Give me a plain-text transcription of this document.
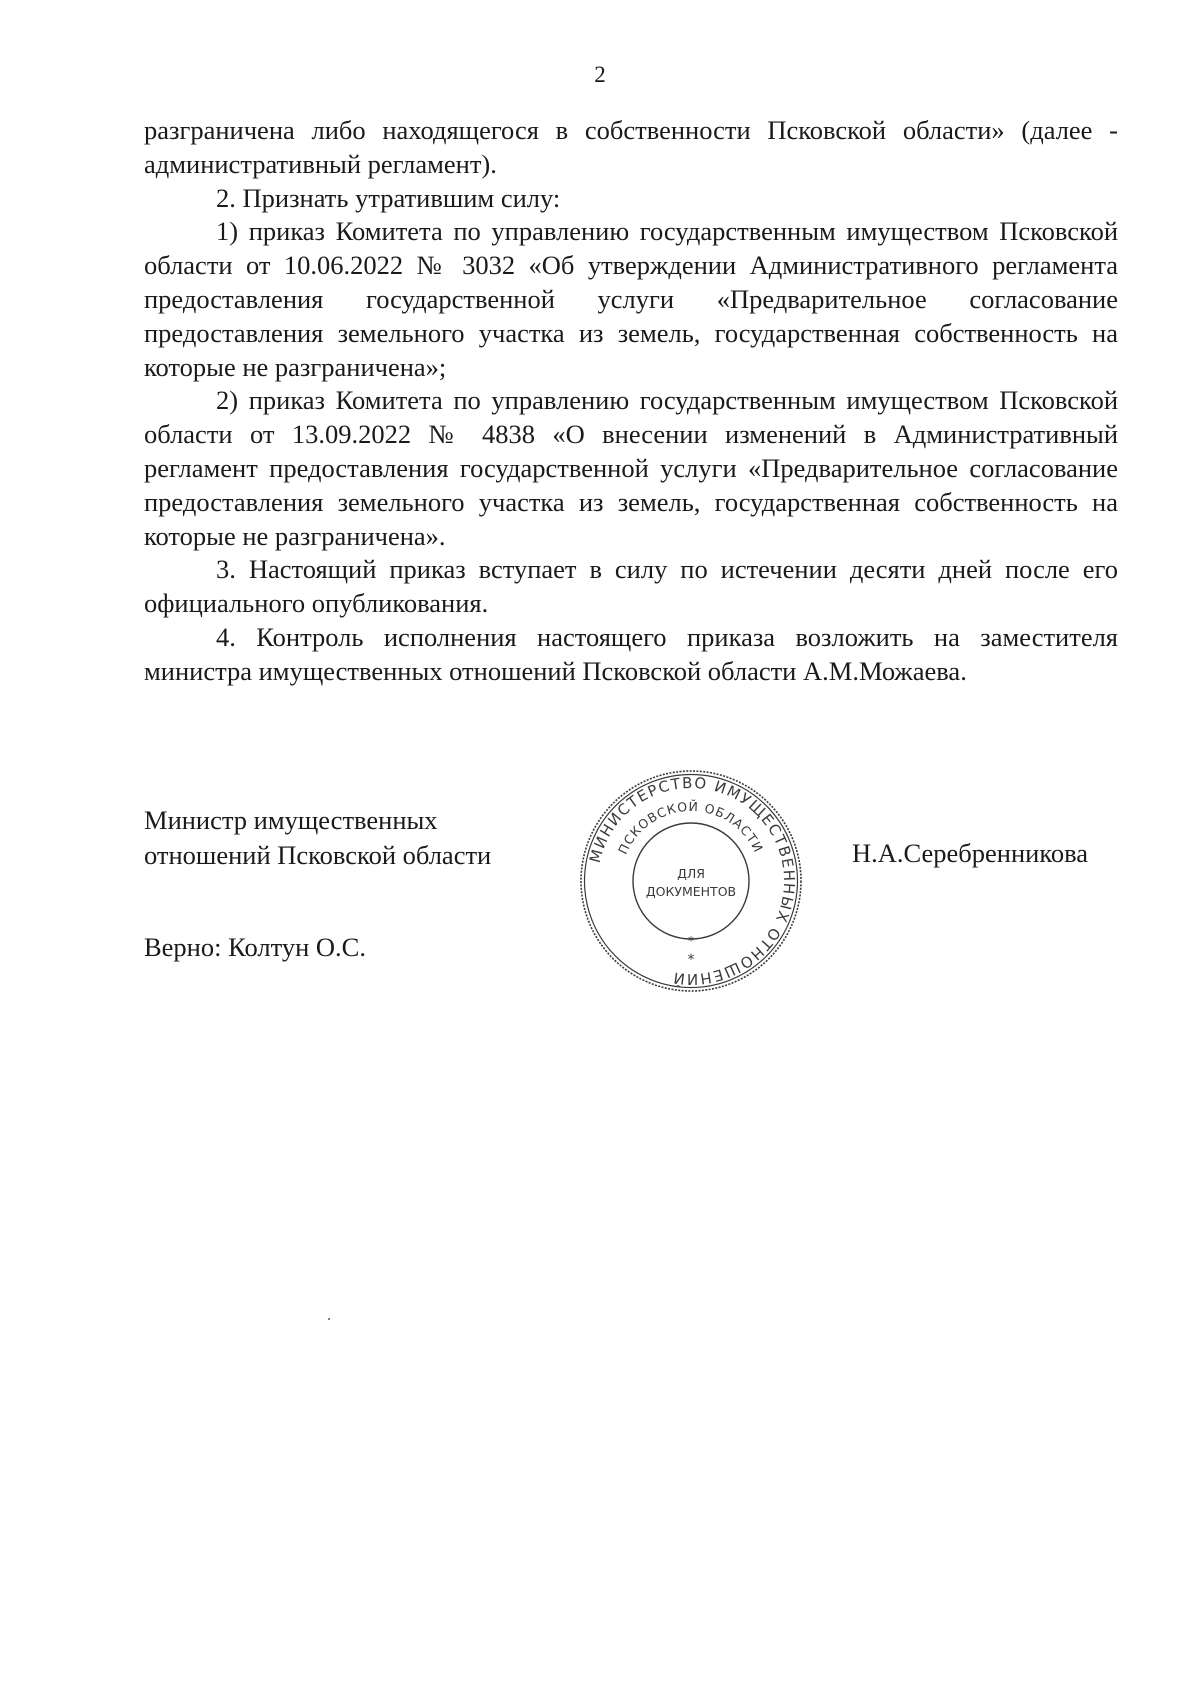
2

разграничена либо находящегося в собственности Псковской области» (далее - административный регламент).

2. Признать утратившим силу:

1) приказ Комитета по управлению государственным имуществом Псковской области от 10.06.2022 № 3032 «Об утверждении Административного регламента предоставления государственной услуги «Предварительное согласование предоставления земельного участка из земель, государственная собственность на которые не разграничена»;

2) приказ Комитета по управлению государственным имуществом Псковской области от 13.09.2022 № 4838 «О внесении изменений в Административный регламент предоставления государственной услуги «Предварительное согласование предоставления земельного участка из земель, государственная собственность на которые не разграничена».

3. Настоящий приказ вступает в силу по истечении десяти дней после его официального опубликования.

4. Контроль исполнения настоящего приказа возложить на заместителя министра имущественных отношений Псковской области А.М.Можаева.

Министр имущественных
отношений Псковской области	Н.А.Серебренникова
Верно: Колтун О.С.
МИНИСТЕРСТВО ИМУЩЕСТВЕННЫХ ОТНОШЕНИЙ
ПСКОВСКОЙ ОБЛАСТИ
ДЛЯ
ДОКУМЕНТОВ
*
*
